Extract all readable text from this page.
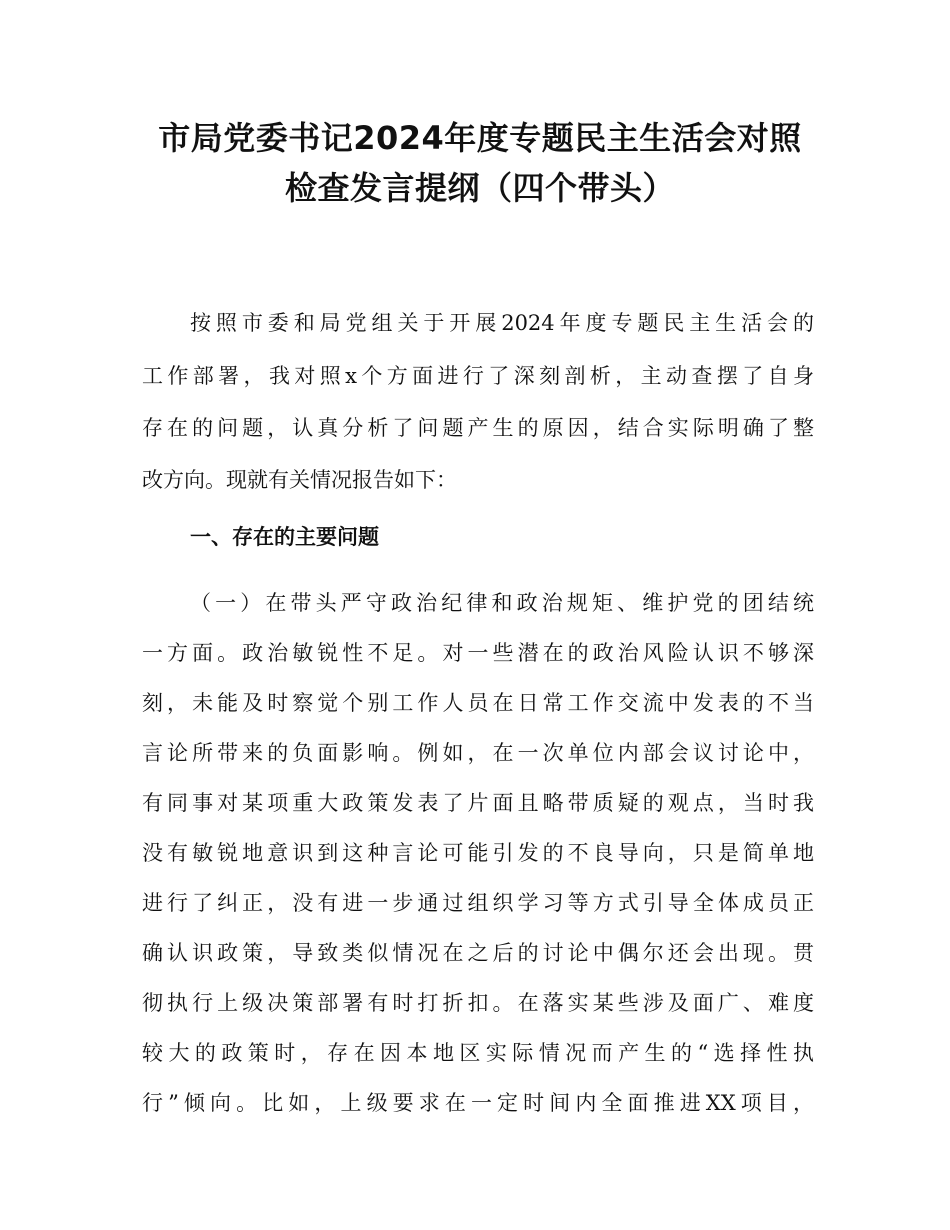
市局党委书记2024年度专题民主生活会对照
检查发言提纲（四个带头）
按照市委和局党组关于开展2024年度专题民主生活会的
工作部署，我对照x个方面进行了深刻剖析，主动查摆了自身
存在的问题，认真分析了问题产生的原因，结合实际明确了整
改方向。现就有关情况报告如下：
一、存在的主要问题
（一）在带头严守政治纪律和政治规矩、维护党的团结统
一方面。政治敏锐性不足。对一些潜在的政治风险认识不够深
刻，未能及时察觉个别工作人员在日常工作交流中发表的不当
言论所带来的负面影响。例如，在一次单位内部会议讨论中，
有同事对某项重大政策发表了片面且略带质疑的观点，当时我
没有敏锐地意识到这种言论可能引发的不良导向，只是简单地
进行了纠正，没有进一步通过组织学习等方式引导全体成员正
确认识政策，导致类似情况在之后的讨论中偶尔还会出现。贯
彻执行上级决策部署有时打折扣。在落实某些涉及面广、难度
较大的政策时，存在因本地区实际情况而产生的“选择性执
行”倾向。比如，上级要求在一定时间内全面推进XX项目，
